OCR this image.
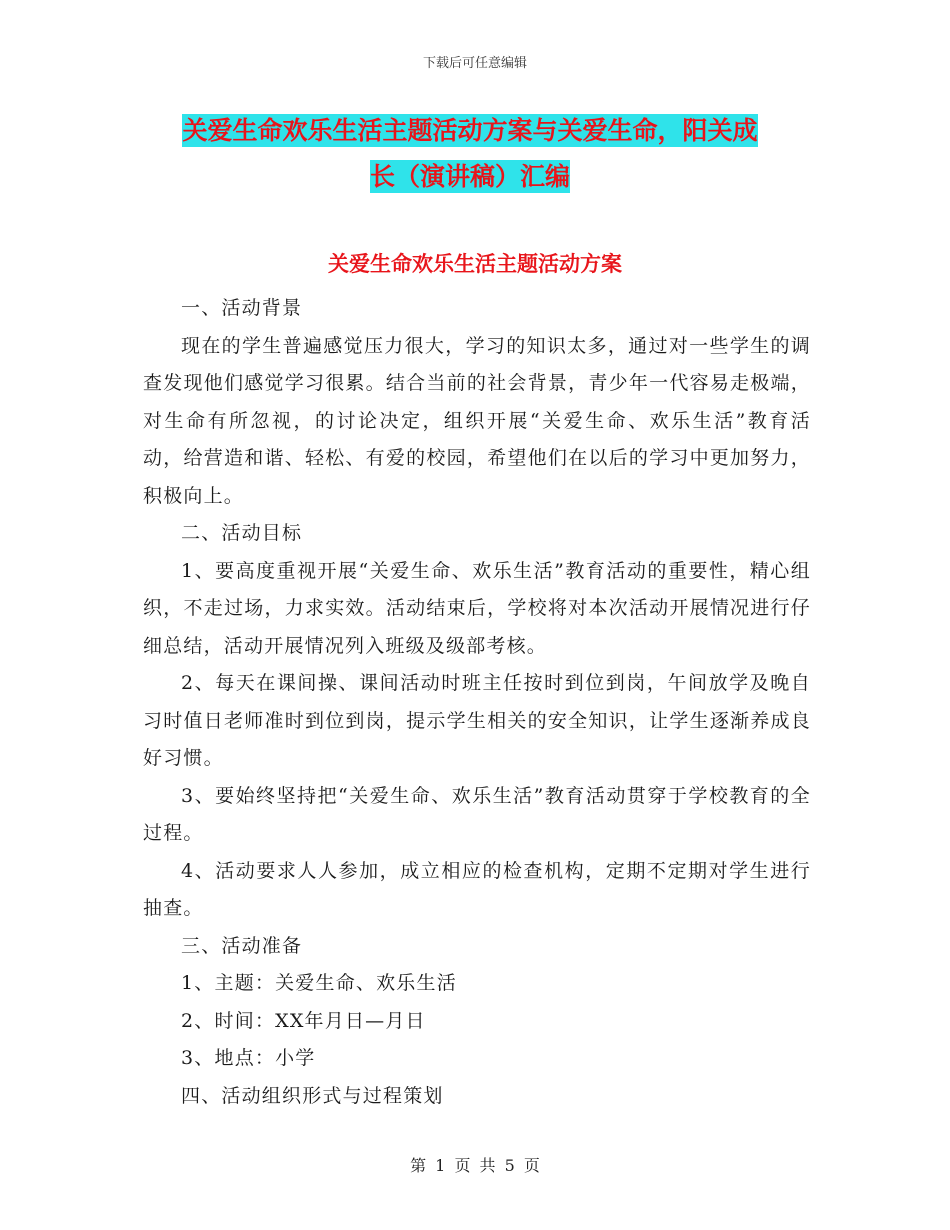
下载后可任意编辑
关爱生命欢乐生活主题活动方案与关爱生命，阳关成
长（演讲稿）汇编
关爱生命欢乐生活主题活动方案

一、活动背景

现在的学生普遍感觉压力很大，学习的知识太多，通过对一些学生的调查发现他们感觉学习很累。结合当前的社会背景，青少年一代容易走极端，对生命有所忽视，的讨论决定，组织开展“关爱生命、欢乐生活”教育活动，给营造和谐、轻松、有爱的校园，希望他们在以后的学习中更加努力，积极向上。

二、活动目标

1、要高度重视开展“关爱生命、欢乐生活”教育活动的重要性，精心组织，不走过场，力求实效。活动结束后，学校将对本次活动开展情况进行仔细总结，活动开展情况列入班级及级部考核。

2、每天在课间操、课间活动时班主任按时到位到岗，午间放学及晚自习时值日老师准时到位到岗，提示学生相关的安全知识，让学生逐渐养成良好习惯。

3、要始终坚持把“关爱生命、欢乐生活”教育活动贯穿于学校教育的全过程。

4、活动要求人人参加，成立相应的检查机构，定期不定期对学生进行抽查。

三、活动准备

1、主题：关爱生命、欢乐生活

2、时间：XX年月日—月日

3、地点：小学

四、活动组织形式与过程策划

第 1 页 共 5 页
